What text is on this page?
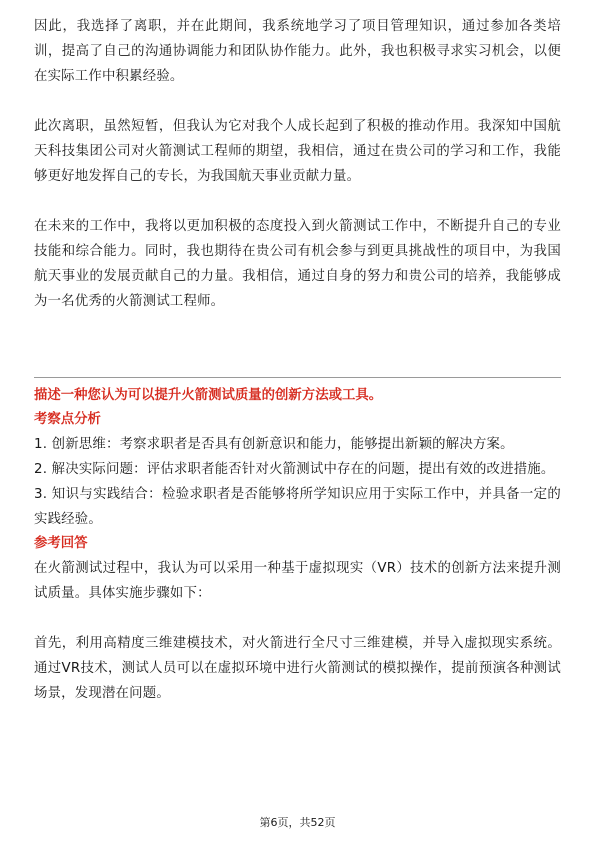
因此，我选择了离职，并在此期间，我系统地学习了项目管理知识，通过参加各类培训，提高了自己的沟通协调能力和团队协作能力。此外，我也积极寻求实习机会，以便在实际工作中积累经验。

此次离职，虽然短暂，但我认为它对我个人成长起到了积极的推动作用。我深知中国航天科技集团公司对火箭测试工程师的期望，我相信，通过在贵公司的学习和工作，我能够更好地发挥自己的专长，为我国航天事业贡献力量。

在未来的工作中，我将以更加积极的态度投入到火箭测试工作中，不断提升自己的专业技能和综合能力。同时，我也期待在贵公司有机会参与到更具挑战性的项目中，为我国航天事业的发展贡献自己的力量。我相信，通过自身的努力和贵公司的培养，我能够成为一名优秀的火箭测试工程师。

描述一种您认为可以提升火箭测试质量的创新方法或工具。

考察点分析

1. 创新思维：考察求职者是否具有创新意识和能力，能够提出新颖的解决方案。

2. 解决实际问题：评估求职者能否针对火箭测试中存在的问题，提出有效的改进措施。

3. 知识与实践结合：检验求职者是否能够将所学知识应用于实际工作中，并具备一定的实践经验。

参考回答

在火箭测试过程中，我认为可以采用一种基于虚拟现实（VR）技术的创新方法来提升测试质量。具体实施步骤如下：

首先，利用高精度三维建模技术，对火箭进行全尺寸三维建模，并导入虚拟现实系统。通过VR技术，测试人员可以在虚拟环境中进行火箭测试的模拟操作，提前预演各种测试场景，发现潜在问题。

第6页，共52页
